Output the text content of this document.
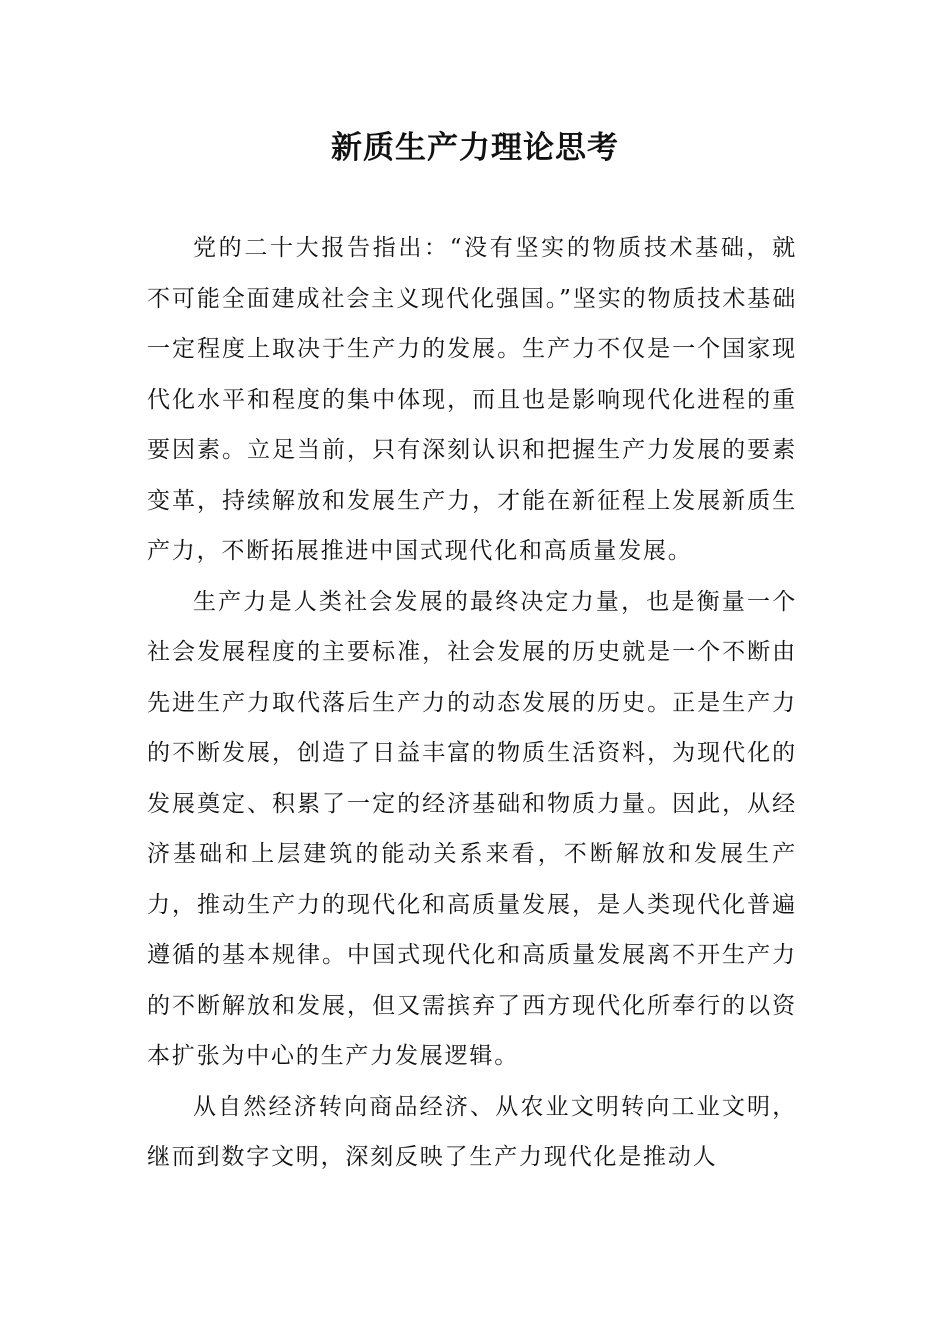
新质生产力理论思考

党的二十大报告指出：“没有坚实的物质技术基础，就不可能全面建成社会主义现代化强国。”坚实的物质技术基础一定程度上取决于生产力的发展。生产力不仅是一个国家现代化水平和程度的集中体现，而且也是影响现代化进程的重要因素。立足当前，只有深刻认识和把握生产力发展的要素变革，持续解放和发展生产力，才能在新征程上发展新质生产力，不断拓展推进中国式现代化和高质量发展。

生产力是人类社会发展的最终决定力量，也是衡量一个社会发展程度的主要标准，社会发展的历史就是一个不断由先进生产力取代落后生产力的动态发展的历史。正是生产力的不断发展，创造了日益丰富的物质生活资料，为现代化的发展奠定、积累了一定的经济基础和物质力量。因此，从经济基础和上层建筑的能动关系来看，不断解放和发展生产力，推动生产力的现代化和高质量发展，是人类现代化普遍遵循的基本规律。中国式现代化和高质量发展离不开生产力的不断解放和发展，但又需摈弃了西方现代化所奉行的以资本扩张为中心的生产力发展逻辑。

从自然经济转向商品经济、从农业文明转向工业文明，继而到数字文明，深刻反映了生产力现代化是推动人
